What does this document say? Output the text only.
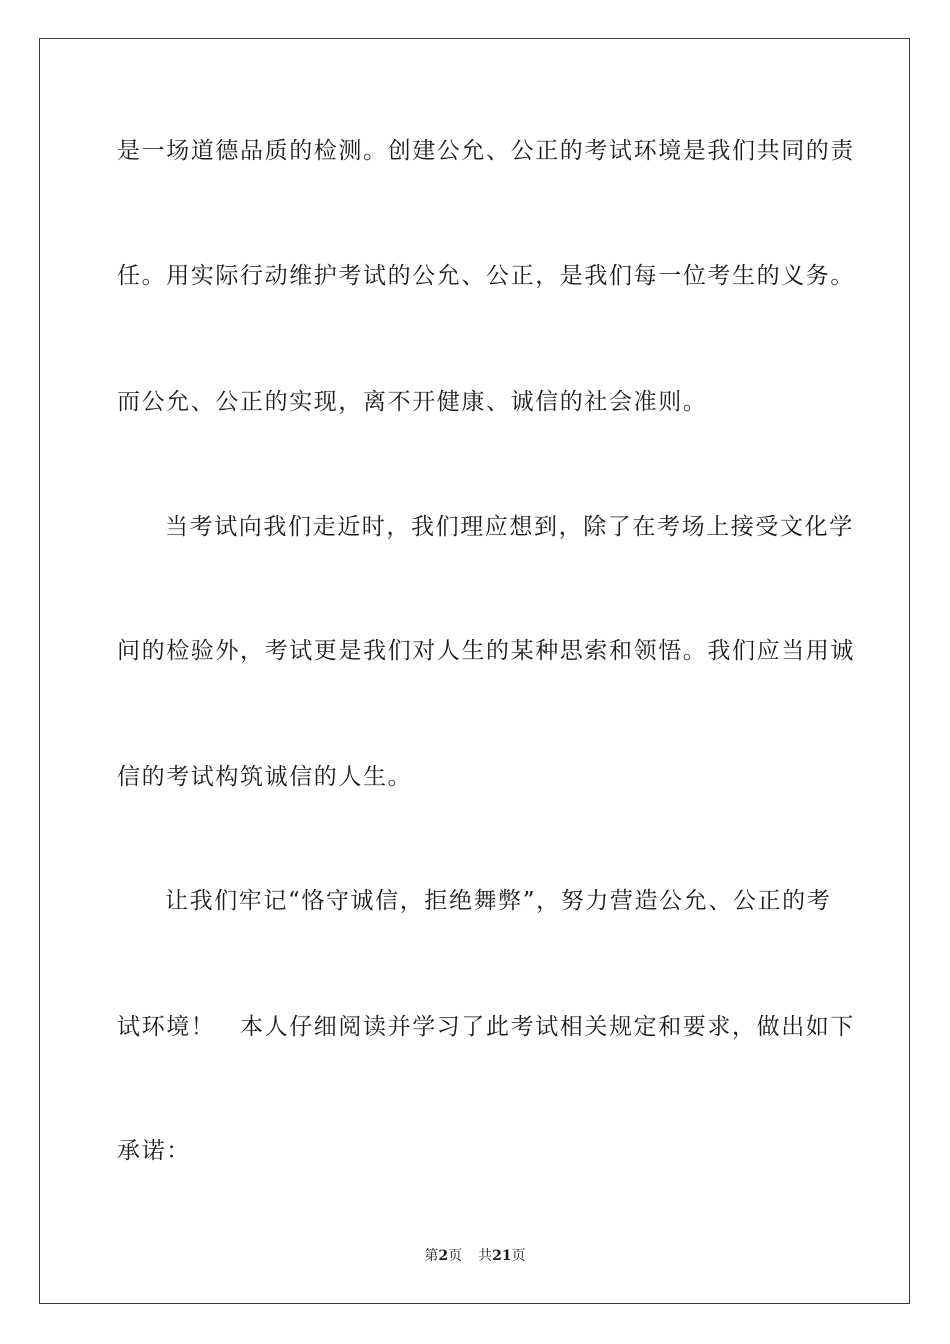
是一场道德品质的检测。创建公允、公正的考试环境是我们共同的责
任。用实际行动维护考试的公允、公正，是我们每一位考生的义务。
而公允、公正的实现，离不开健康、诚信的社会准则。
当考试向我们走近时，我们理应想到，除了在考场上接受文化学
问的检验外，考试更是我们对人生的某种思索和领悟。我们应当用诚
信的考试构筑诚信的人生。
让我们牢记“恪守诚信，拒绝舞弊”，努力营造公允、公正的考
试环境！　本人仔细阅读并学习了此考试相关规定和要求，做出如下
承诺：
第2页 共21页
